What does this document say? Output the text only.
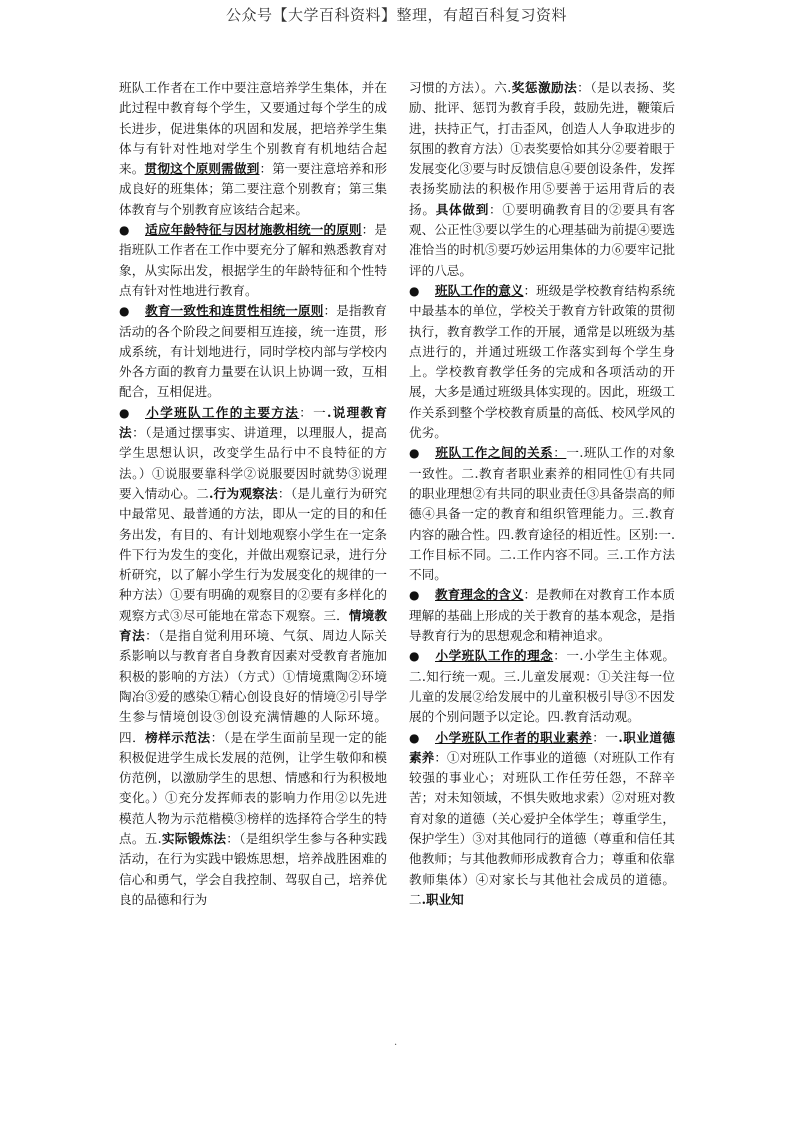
公众号【大学百科资料】整理，有超百科复习资料

班队工作者在工作中要注意培养学生集体，并在此过程中教育每个学生，又要通过每个学生的成长进步，促进集体的巩固和发展，把培养学生集体与有针对性地对学生个别教育有机地结合起来。贯彻这个原则需做到：第一要注意培养和形成良好的班集体；第二要注意个别教育；第三集体教育与个别教育应该结合起来。

● 适应年龄特征与因材施教相统一的原则：是指班队工作者在工作中要充分了解和熟悉教育对象，从实际出发，根据学生的年龄特征和个性特点有针对性地进行教育。

● 教育一致性和连贯性相统一原则：是指教育活动的各个阶段之间要相互连接，统一连贯，形成系统，有计划地进行，同时学校内部与学校内外各方面的教育力量要在认识上协调一致，互相配合，互相促进。

● 小学班队工作的主要方法：一.说理教育法：（是通过摆事实、讲道理，以理服人，提高学生思想认识，改变学生品行中不良特征的方法。）①说服要靠科学②说服要因时就势③说理要入情动心。二.行为观察法：（是儿童行为研究中最常见、最普通的方法，即从一定的目的和任务出发，有目的、有计划地观察小学生在一定条件下行为发生的变化，并做出观察记录，进行分析研究，以了解小学生行为发展变化的规律的一种方法）①要有明确的观察目的②要有多样化的观察方式③尽可能地在常态下观察。三．情境教育法：（是指自觉利用环境、气氛、周边人际关系影响以与教育者自身教育因素对受教育者施加积极的影响的方法）（方式）①情境熏陶②环境陶冶③爱的感染①精心创设良好的情境②引导学生参与情境创设③创设充满情趣的人际环境。四．榜样示范法：（是在学生面前呈现一定的能积极促进学生成长发展的范例，让学生敬仰和模仿范例，以激励学生的思想、情感和行为积极地变化。）①充分发挥师表的影响力作用②以先进模范人物为示范楷模③榜样的选择符合学生的特点。五.实际锻炼法：（是组织学生参与各种实践活动，在行为实践中锻炼思想，培养战胜困难的信心和勇气，学会自我控制、驾驭自己，培养优良的品德和行为

习惯的方法）。六.奖惩激励法：（是以表扬、奖励、批评、惩罚为教育手段，鼓励先进，鞭策后进，扶持正气，打击歪风，创造人人争取进步的氛围的教育方法）①表奖要恰如其分②要着眼于发展变化③要与时反馈信息④要创设条件，发挥表扬奖励法的积极作用⑤要善于运用背后的表扬。具体做到：①要明确教育目的②要具有客观、公正性③要以学生的心理基础为前提④要选准恰当的时机⑤要巧妙运用集体的力⑥要牢记批评的八忌。

● 班队工作的意义：班级是学校教育结构系统中最基本的单位，学校关于教育方针政策的贯彻执行，教育教学工作的开展，通常是以班级为基点进行的，并通过班级工作落实到每个学生身上。学校教育教学任务的完成和各项活动的开展，大多是通过班级具体实现的。因此，班级工作关系到整个学校教育质量的高低、校风学风的优劣。

● 班队工作之间的关系：一.班队工作的对象一致性。二.教育者职业素养的相同性①有共同的职业理想②有共同的职业责任③具备崇高的师德④具备一定的教育和组织管理能力。三.教育内容的融合性。四.教育途径的相近性。区别:一.工作目标不同。二.工作内容不同。三.工作方法不同。

● 教育理念的含义：是教师在对教育工作本质理解的基础上形成的关于教育的基本观念，是指导教育行为的思想观念和精神追求。

● 小学班队工作的理念：一.小学生主体观。二.知行统一观。三.儿童发展观：①关注每一位儿童的发展②给发展中的儿童积极引导③不因发展的个别问题予以定论。四.教育活动观。

● 小学班队工作者的职业素养：一.职业道德素养：①对班队工作事业的道德（对班队工作有较强的事业心；对班队工作任劳任怨，不辞辛苦；对未知领域，不惧失败地求索）②对班对教育对象的道德（关心爱护全体学生；尊重学生，保护学生）③对其他同行的道德（尊重和信任其他教师；与其他教师形成教育合力；尊重和依靠教师集体）④对家长与其他社会成员的道德。二.职业知

.
